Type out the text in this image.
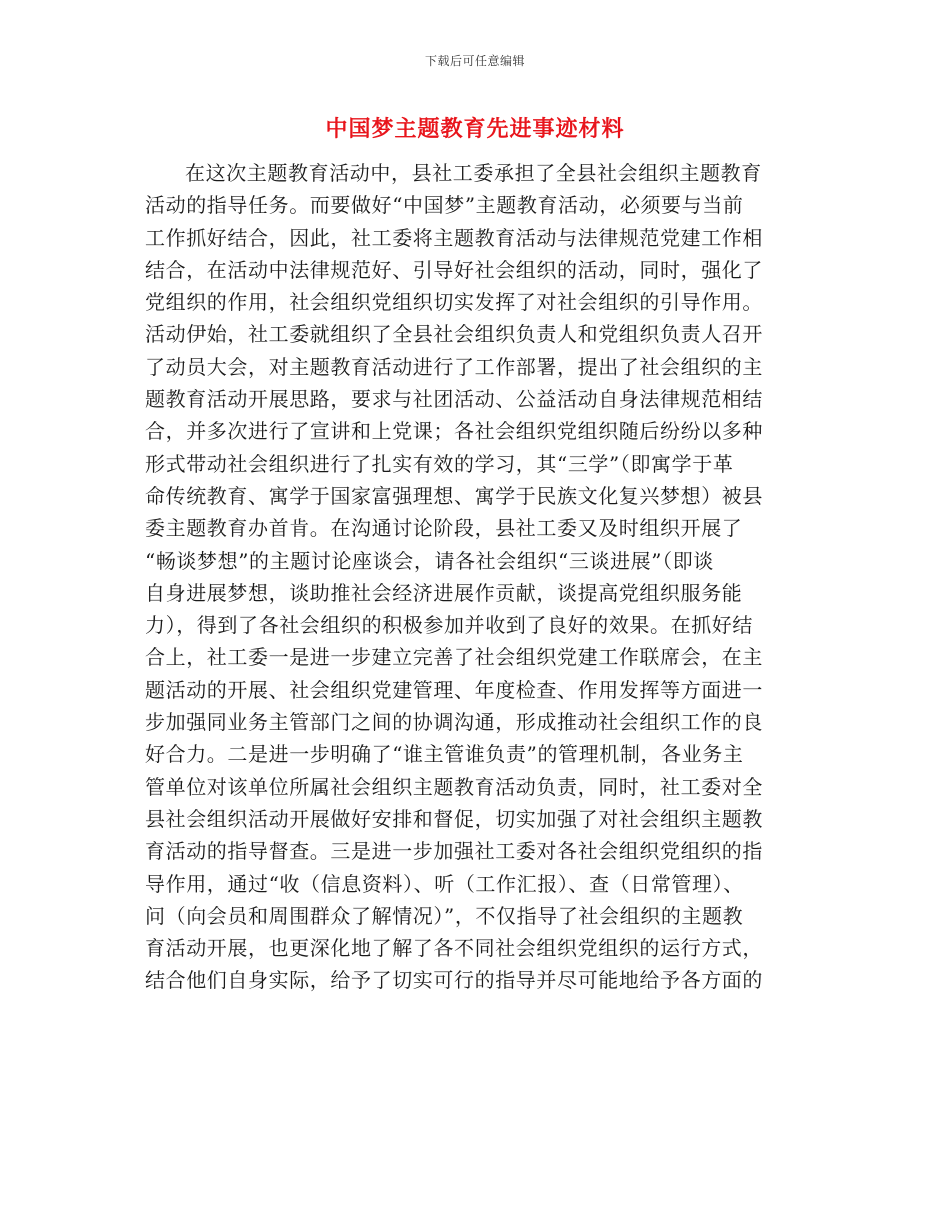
下载后可任意编辑
中国梦主题教育先进事迹材料
在这次主题教育活动中，县社工委承担了全县社会组织主题教育
活动的指导任务。而要做好“中国梦”主题教育活动，必须要与当前
工作抓好结合，因此，社工委将主题教育活动与法律规范党建工作相
结合，在活动中法律规范好、引导好社会组织的活动，同时，强化了
党组织的作用，社会组织党组织切实发挥了对社会组织的引导作用。
活动伊始，社工委就组织了全县社会组织负责人和党组织负责人召开
了动员大会，对主题教育活动进行了工作部署，提出了社会组织的主
题教育活动开展思路，要求与社团活动、公益活动自身法律规范相结
合，并多次进行了宣讲和上党课；各社会组织党组织随后纷纷以多种
形式带动社会组织进行了扎实有效的学习，其“三学”（即寓学于革
命传统教育、寓学于国家富强理想、寓学于民族文化复兴梦想）被县
委主题教育办首肯。在沟通讨论阶段，县社工委又及时组织开展了
“畅谈梦想”的主题讨论座谈会，请各社会组织“三谈进展”（即谈
自身进展梦想，谈助推社会经济进展作贡献，谈提高党组织服务能
力），得到了各社会组织的积极参加并收到了良好的效果。在抓好结
合上，社工委一是进一步建立完善了社会组织党建工作联席会，在主
题活动的开展、社会组织党建管理、年度检查、作用发挥等方面进一
步加强同业务主管部门之间的协调沟通，形成推动社会组织工作的良
好合力。二是进一步明确了“谁主管谁负责”的管理机制，各业务主
管单位对该单位所属社会组织主题教育活动负责，同时，社工委对全
县社会组织活动开展做好安排和督促，切实加强了对社会组织主题教
育活动的指导督查。三是进一步加强社工委对各社会组织党组织的指
导作用，通过“收（信息资料）、听（工作汇报）、查（日常管理）、
问（向会员和周围群众了解情况）”，不仅指导了社会组织的主题教
育活动开展，也更深化地了解了各不同社会组织党组织的运行方式，
结合他们自身实际，给予了切实可行的指导并尽可能地给予各方面的
